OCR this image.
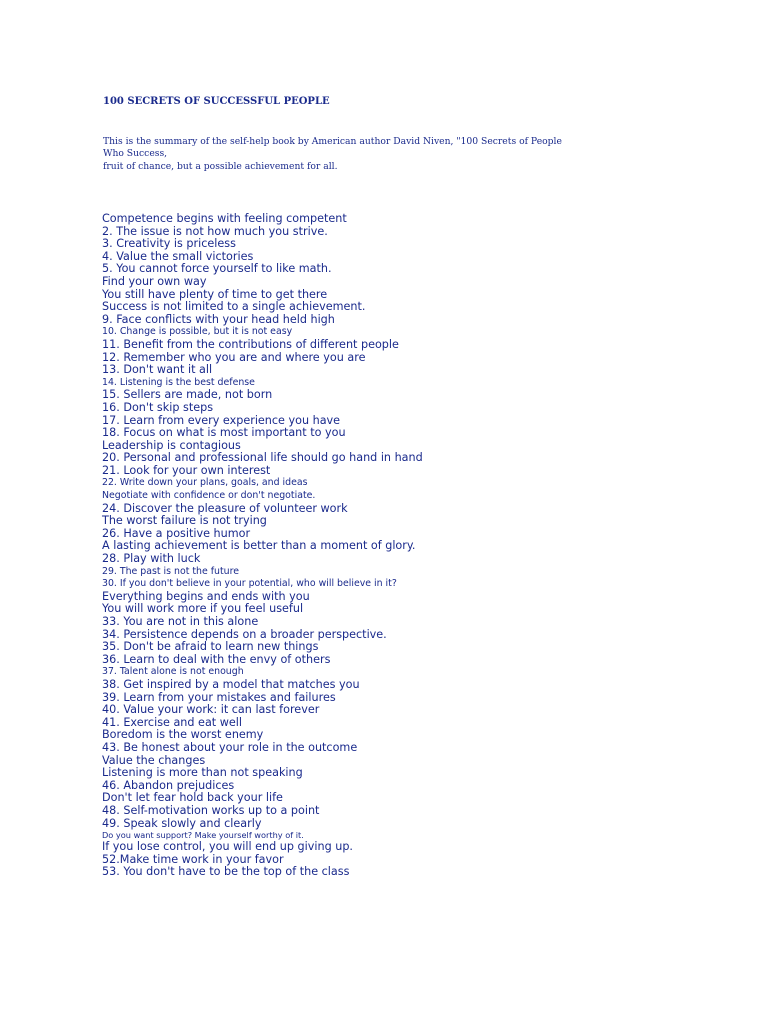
100 SECRETS OF SUCCESSFUL PEOPLE

This is the summary of the self-help book by American author David Niven, "100 Secrets of People Who Success,

fruit of chance, but a possible achievement for all.

Competence begins with feeling competent
2. The issue is not how much you strive.
3. Creativity is priceless
4. Value the small victories
5. You cannot force yourself to like math.
Find your own way
You still have plenty of time to get there
Success is not limited to a single achievement.
9. Face conflicts with your head held high
10. Change is possible, but it is not easy
11. Benefit from the contributions of different people
12. Remember who you are and where you are
13. Don't want it all
14. Listening is the best defense
15. Sellers are made, not born
16. Don't skip steps
17. Learn from every experience you have
18. Focus on what is most important to you
Leadership is contagious
20. Personal and professional life should go hand in hand
21. Look for your own interest
22. Write down your plans, goals, and ideas
Negotiate with confidence or don't negotiate.
24. Discover the pleasure of volunteer work
The worst failure is not trying
26. Have a positive humor
A lasting achievement is better than a moment of glory.
28. Play with luck
29. The past is not the future
30. If you don't believe in your potential, who will believe in it?
Everything begins and ends with you
You will work more if you feel useful
33. You are not in this alone
34. Persistence depends on a broader perspective.
35. Don't be afraid to learn new things
36. Learn to deal with the envy of others
37. Talent alone is not enough
38. Get inspired by a model that matches you
39. Learn from your mistakes and failures
40. Value your work: it can last forever
41. Exercise and eat well
Boredom is the worst enemy
43. Be honest about your role in the outcome
Value the changes
Listening is more than not speaking
46. Abandon prejudices
Don't let fear hold back your life
48. Self-motivation works up to a point
49. Speak slowly and clearly
Do you want support? Make yourself worthy of it.
If you lose control, you will end up giving up.
52.Make time work in your favor
53. You don't have to be the top of the class
